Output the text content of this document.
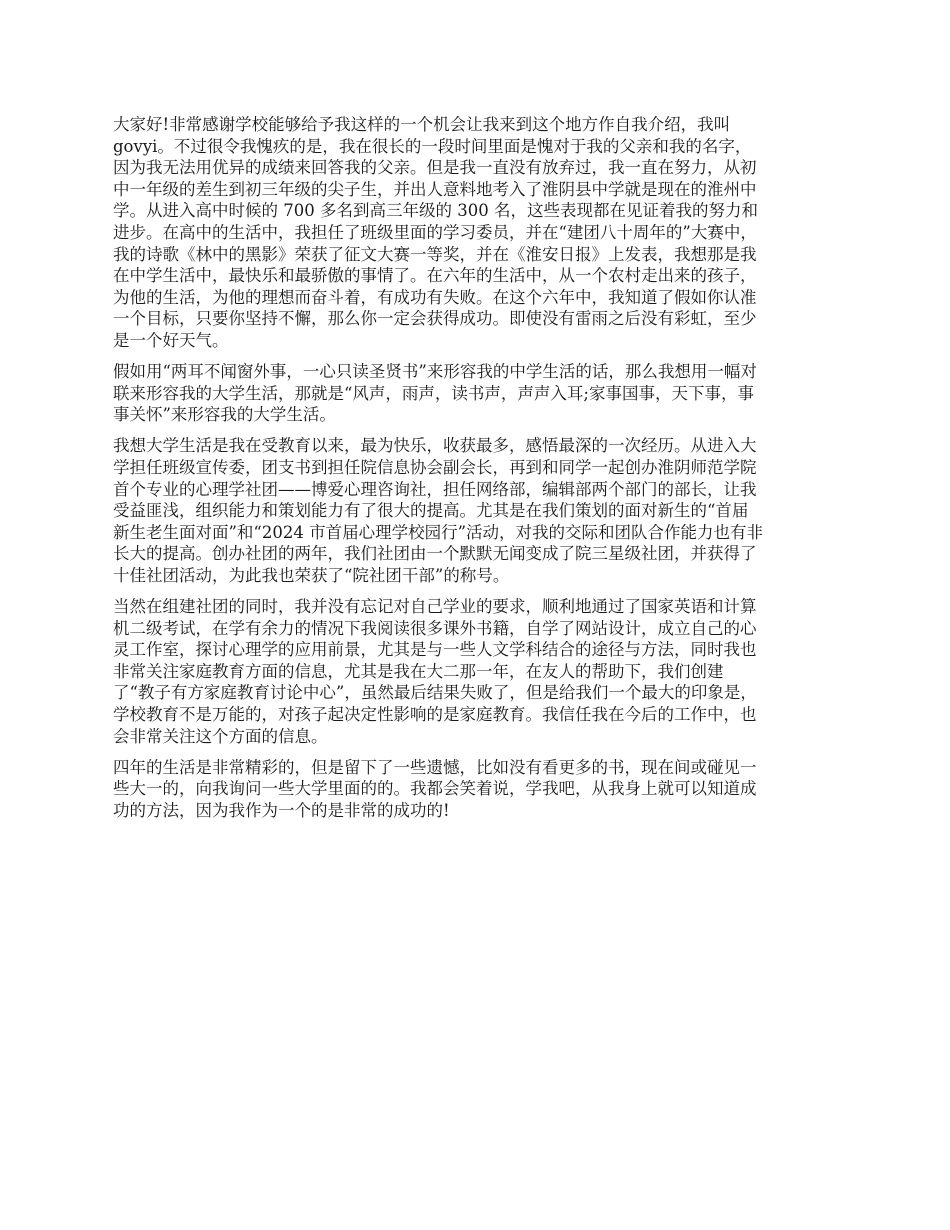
大家好!非常感谢学校能够给予我这样的一个机会让我来到这个地方作自我介绍，我叫
govyi。不过很令我愧疚的是，我在很长的一段时间里面是愧对于我的父亲和我的名字，
因为我无法用优异的成绩来回答我的父亲。但是我一直没有放弃过，我一直在努力，从初
中一年级的差生到初三年级的尖子生，并出人意料地考入了淮阴县中学就是现在的淮州中
学。从进入高中时候的 700 多名到高三年级的 300 名，这些表现都在见证着我的努力和
进步。在高中的生活中，我担任了班级里面的学习委员，并在“建团八十周年的”大赛中，
我的诗歌《林中的黑影》荣获了征文大赛一等奖，并在《淮安日报》上发表，我想那是我
在中学生活中，最快乐和最骄傲的事情了。在六年的生活中，从一个农村走出来的孩子，
为他的生活，为他的理想而奋斗着，有成功有失败。在这个六年中，我知道了假如你认准
一个目标，只要你坚持不懈，那么你一定会获得成功。即使没有雷雨之后没有彩虹，至少
是一个好天气。
假如用“两耳不闻窗外事，一心只读圣贤书”来形容我的中学生活的话，那么我想用一幅对
联来形容我的大学生活，那就是“风声，雨声，读书声，声声入耳;家事国事，天下事，事
事关怀”来形容我的大学生活。
我想大学生活是我在受教育以来，最为快乐，收获最多，感悟最深的一次经历。从进入大
学担任班级宣传委，团支书到担任院信息协会副会长，再到和同学一起创办淮阴师范学院
首个专业的心理学社团——博爱心理咨询社，担任网络部，编辑部两个部门的部长，让我
受益匪浅，组织能力和策划能力有了很大的提高。尤其是在我们策划的面对新生的“首届
新生老生面对面”和“2024 市首届心理学校园行”活动，对我的交际和团队合作能力也有非
长大的提高。创办社团的两年，我们社团由一个默默无闻变成了院三星级社团，并获得了
十佳社团活动，为此我也荣获了“院社团干部”的称号。
当然在组建社团的同时，我并没有忘记对自己学业的要求，顺利地通过了国家英语和计算
机二级考试，在学有余力的情况下我阅读很多课外书籍，自学了网站设计，成立自己的心
灵工作室，探讨心理学的应用前景，尤其是与一些人文学科结合的途径与方法，同时我也
非常关注家庭教育方面的信息，尤其是我在大二那一年，在友人的帮助下，我们创建
了“教子有方家庭教育讨论中心”，虽然最后结果失败了，但是给我们一个最大的印象是，
学校教育不是万能的，对孩子起决定性影响的是家庭教育。我信任我在今后的工作中，也
会非常关注这个方面的信息。
四年的生活是非常精彩的，但是留下了一些遗憾，比如没有看更多的书，现在间或碰见一
些大一的，向我询问一些大学里面的的。我都会笑着说，学我吧，从我身上就可以知道成
功的方法，因为我作为一个的是非常的成功的!
